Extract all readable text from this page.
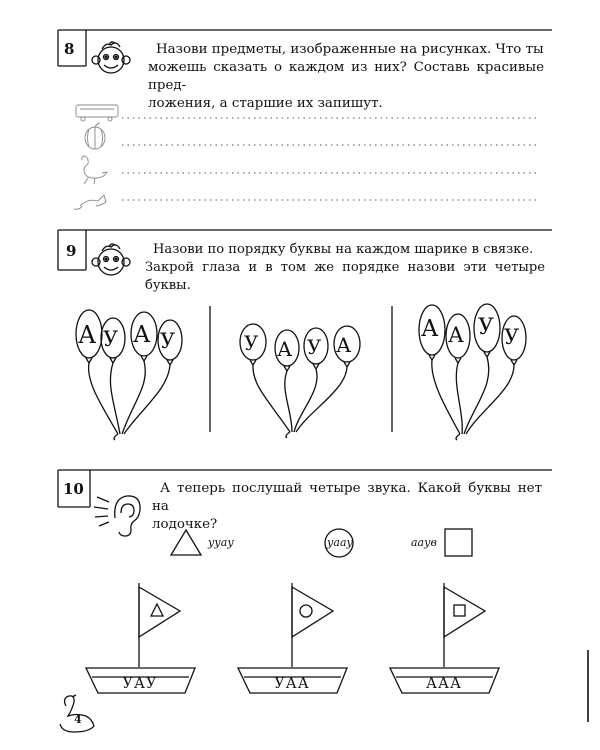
8	Назови предметы, изображенные на рисунках. Что ты
можешь сказать о каждом из них? Составь красивые пред-
ложения, а старшие их запишут.
9	Назови по порядку буквы на каждом шарике в связке.
Закрой глаза и в том же порядке назови эти четыре буквы.
А У А У	У А У А
А А У У
10	А теперь послушай четыре звука. Какой буквы нет на
лодочке?
ууау	уааy	ааув
УАУ	УАА	ААА
4
